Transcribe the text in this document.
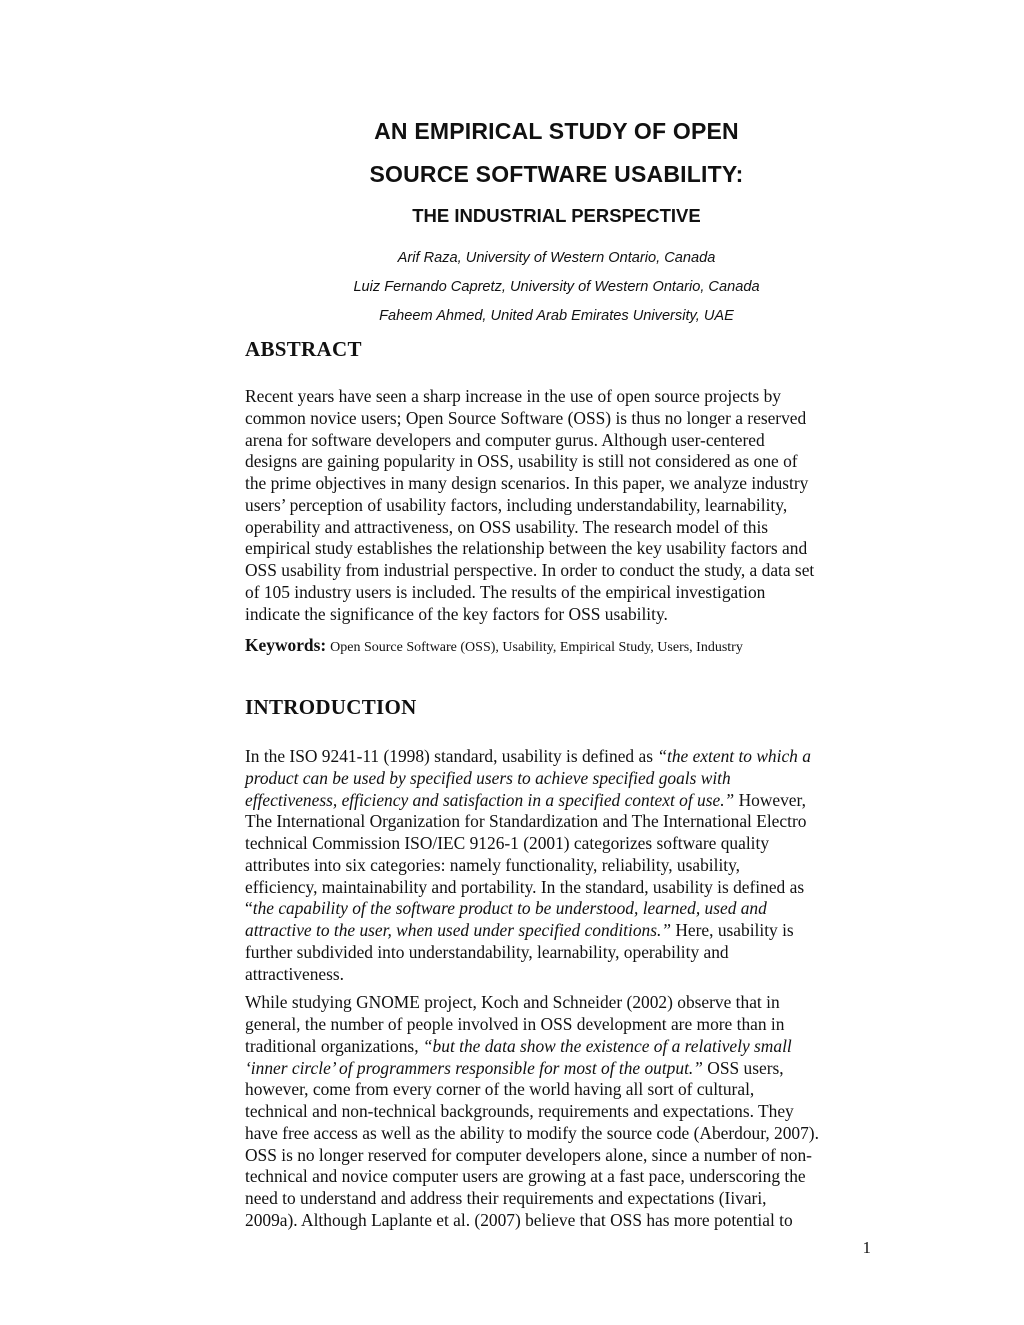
AN EMPIRICAL STUDY OF OPEN
SOURCE SOFTWARE USABILITY:
THE INDUSTRIAL PERSPECTIVE
Arif Raza, University of Western Ontario, Canada
Luiz Fernando Capretz, University of Western Ontario, Canada
Faheem Ahmed, United Arab Emirates University, UAE
ABSTRACT
Recent years have seen a sharp increase in the use of open source projects by
common novice users; Open Source Software (OSS) is thus no longer a reserved
arena for software developers and computer gurus. Although user-centered
designs are gaining popularity in OSS, usability is still not considered as one of
the prime objectives in many design scenarios. In this paper, we analyze industry
users’ perception of usability factors, including understandability, learnability,
operability and attractiveness, on OSS usability. The research model of this
empirical study establishes the relationship between the key usability factors and
OSS usability from industrial perspective. In order to conduct the study, a data set
of 105 industry users is included. The results of the empirical investigation
indicate the significance of the key factors for OSS usability.
Keywords: Open Source Software (OSS), Usability, Empirical Study, Users, Industry
INTRODUCTION

In the ISO 9241-11 (1998) standard, usability is defined as “the extent to which a
product can be used by specified users to achieve specified goals with
effectiveness, efficiency and satisfaction in a specified context of use.” However,
The International Organization for Standardization and The International Electro
technical Commission ISO/IEC 9126-1 (2001) categorizes software quality
attributes into six categories: namely functionality, reliability, usability,
efficiency, maintainability and portability. In the standard, usability is defined as
“the capability of the software product to be understood, learned, used and
attractive to the user, when used under specified conditions.” Here, usability is
further subdivided into understandability, learnability, operability and
attractiveness.

While studying GNOME project, Koch and Schneider (2002) observe that in
general, the number of people involved in OSS development are more than in
traditional organizations, “but the data show the existence of a relatively small
‘inner circle’ of programmers responsible for most of the output.” OSS users,
however, come from every corner of the world having all sort of cultural,
technical and non-technical backgrounds, requirements and expectations. They
have free access as well as the ability to modify the source code (Aberdour, 2007).
OSS is no longer reserved for computer developers alone, since a number of non-
technical and novice computer users are growing at a fast pace, underscoring the
need to understand and address their requirements and expectations (Iivari,
2009a). Although Laplante et al. (2007) believe that OSS has more potential to

1
